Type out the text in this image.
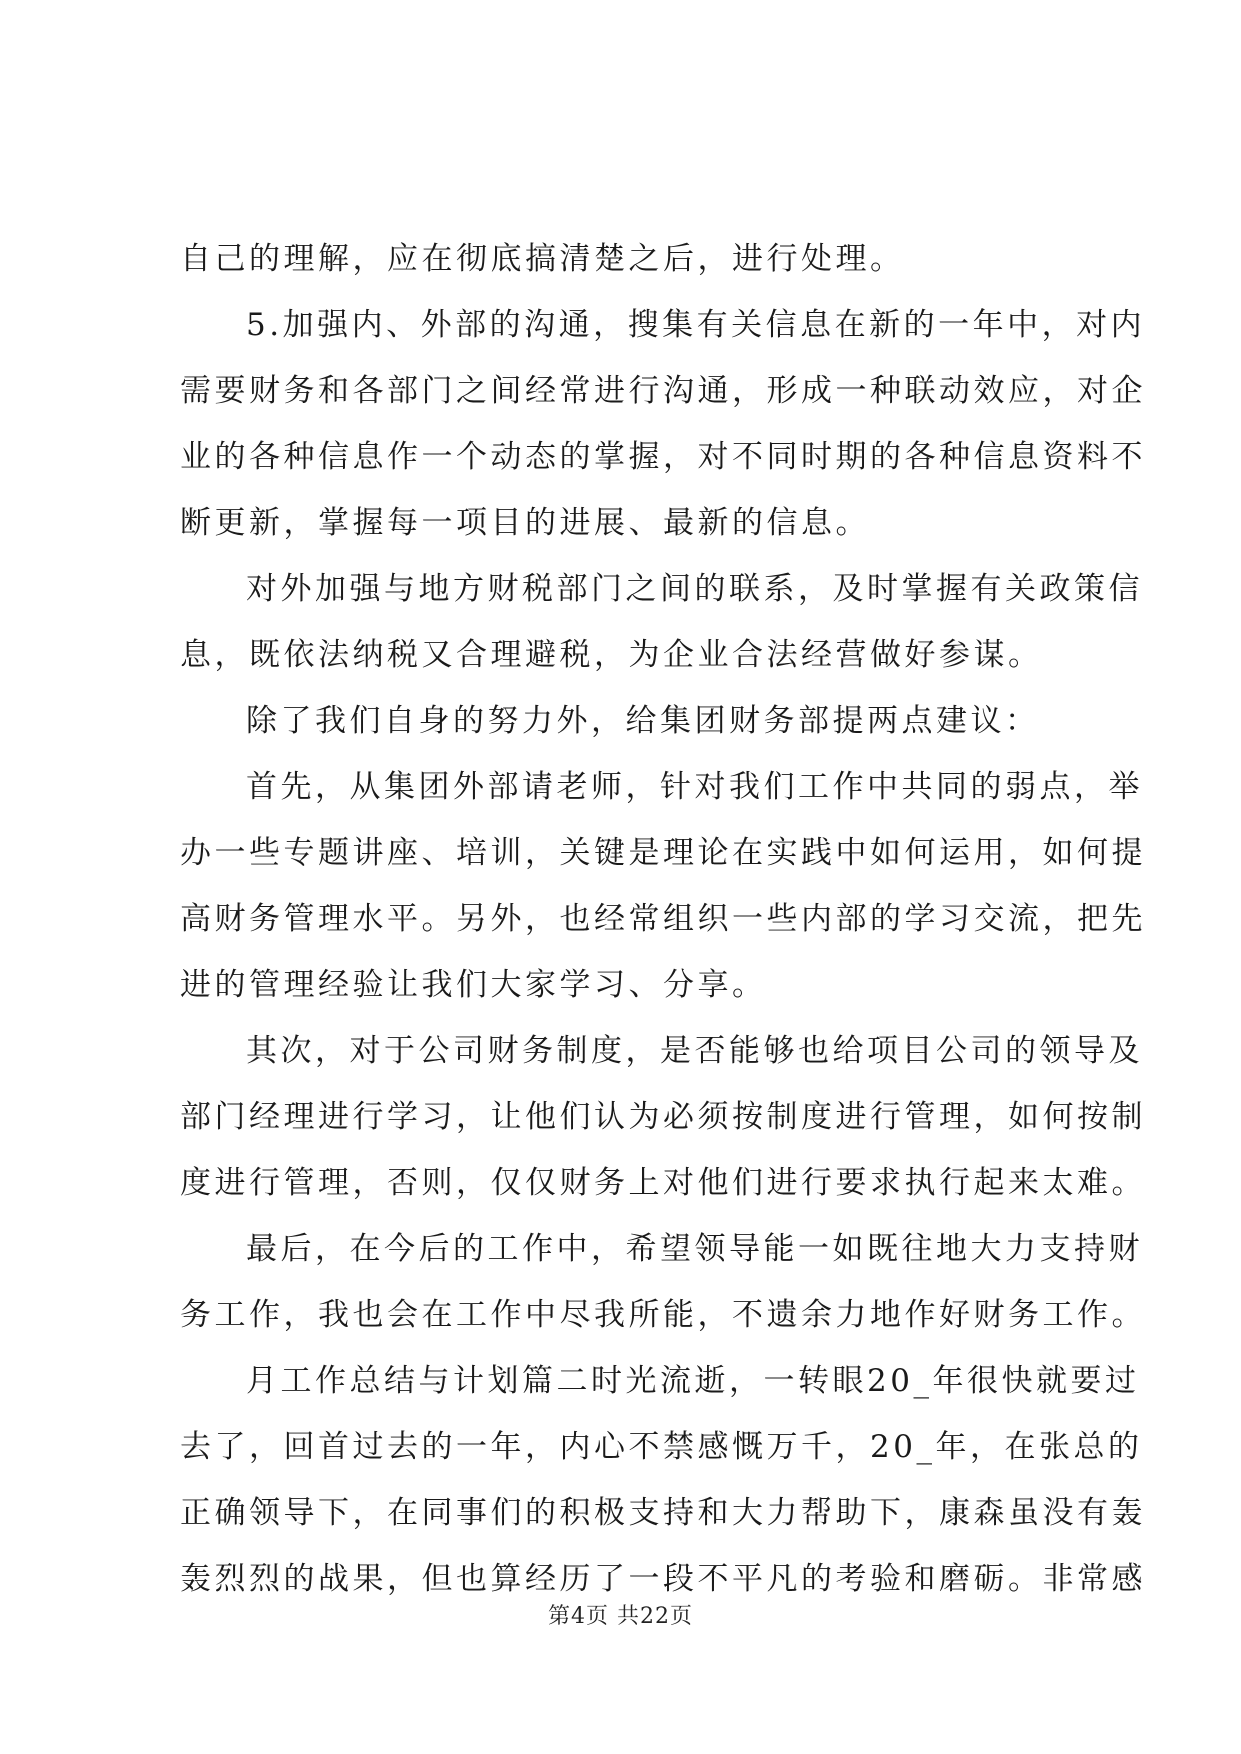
自己的理解，应在彻底搞清楚之后，进行处理。
5.加强内、外部的沟通，搜集有关信息在新的一年中，对内
需要财务和各部门之间经常进行沟通，形成一种联动效应，对企
业的各种信息作一个动态的掌握，对不同时期的各种信息资料不
断更新，掌握每一项目的进展、最新的信息。
对外加强与地方财税部门之间的联系，及时掌握有关政策信
息，既依法纳税又合理避税，为企业合法经营做好参谋。
除了我们自身的努力外，给集团财务部提两点建议：
首先，从集团外部请老师，针对我们工作中共同的弱点，举
办一些专题讲座、培训，关键是理论在实践中如何运用，如何提
高财务管理水平。另外，也经常组织一些内部的学习交流，把先
进的管理经验让我们大家学习、分享。
其次，对于公司财务制度，是否能够也给项目公司的领导及
部门经理进行学习，让他们认为必须按制度进行管理，如何按制
度进行管理，否则，仅仅财务上对他们进行要求执行起来太难。
最后，在今后的工作中，希望领导能一如既往地大力支持财
务工作，我也会在工作中尽我所能，不遗余力地作好财务工作。
月工作总结与计划篇二时光流逝，一转眼20_年很快就要过
去了，回首过去的一年，内心不禁感慨万千，20_年，在张总的
正确领导下，在同事们的积极支持和大力帮助下，康森虽没有轰
轰烈烈的战果，但也算经历了一段不平凡的考验和磨砺。非常感
第4页 共22页
